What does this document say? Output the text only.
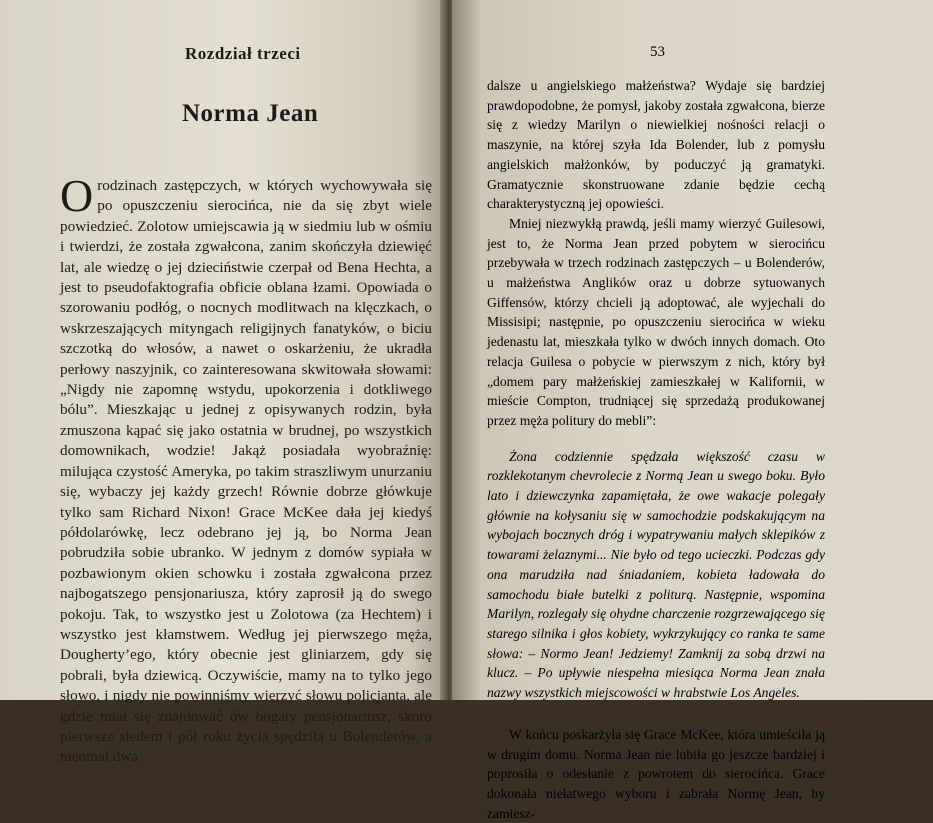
Rozdział trzeci
Norma Jean
Orodzinach zastępczych, w których wychowywała się po opuszczeniu sierocińca, nie da się zbyt wiele powiedzieć. Zolotow umiejscawia ją w siedmiu lub w ośmiu i twierdzi, że została zgwałcona, zanim skończyła dziewięć lat, ale wiedzę o jej dzieciństwie czerpał od Bena Hechta, a jest to pseudofaktografia obficie oblana łzami. Opowiada o szorowaniu podłóg, o nocnych modlitwach na klęczkach, o wskrzeszających mityngach religijnych fanatyków, o biciu szczotką do włosów, a nawet o oskarżeniu, że ukradła perłowy naszyjnik, co zainteresowana skwitowała słowami: „Nigdy nie zapomnę wstydu, upokorzenia i dotkliwego bólu”. Mieszkając u jednej z opisywanych rodzin, była zmuszona kąpać się jako ostatnia w brudnej, po wszystkich domownikach, wodzie! Jakąż posiadała wyobraźnię: milująca czystość Ameryka, po takim straszliwym unurzaniu się, wybaczy jej każdy grzech! Równie dobrze główkuje tylko sam Richard Nixon! Grace McKee dała jej kiedyś półdolarówkę, lecz odebrano jej ją, bo Norma Jean pobrudziła sobie ubranko. W jednym z domów sypiała w pozbawionym okien schowku i została zgwałcona przez najbogatszego pensjonariusza, który zaprosił ją do swego pokoju. Tak, to wszystko jest u Zolotowa (za Hechtem) i wszystko jest kłamstwem. Według jej pierwszego męża, Dougherty’ego, który obecnie jest gliniarzem, gdy się pobrali, była dziewicą. Oczywiście, mamy na to tylko jego słowo, i nigdy nie powinniśmy wierzyć słowu policjanta, ale gdzie miał się znajdować ów bogaty pensjonariusz, skoro pierwsze siedem i pół roku życia spędziła u Bolenderów, a nieomal dwa
53

dalsze u angielskiego małżeństwa? Wydaje się bardziej prawdopodobne, że pomysł, jakoby została zgwałcona, bierze się z wiedzy Marilyn o niewielkiej nośności relacji o maszynie, na której szyła Ida Bolender, lub z pomysłu angielskich małżonków, by poduczyć ją gramatyki. Gramatycznie skonstruowane zdanie będzie cechą charakterystyczną jej opowieści.

Mniej niezwykłą prawdą, jeśli mamy wierzyć Guilesowi, jest to, że Norma Jean przed pobytem w sierocińcu przebywała w trzech rodzinach zastępczych – u Bolenderów, u małżeństwa Anglików oraz u dobrze sytuowanych Giffensów, którzy chcieli ją adoptować, ale wyjechali do Missisipi; następnie, po opuszczeniu sierocińca w wieku jedenastu lat, mieszkała tylko w dwóch innych domach. Oto relacja Guilesa o pobycie w pierwszym z nich, który był „domem pary małżeńskiej zamieszkałej w Kalifornii, w mieście Compton, trudniącej się sprzedażą produkowanej przez męża politury do mebli”:

Żona codziennie spędzała większość czasu w rozklekotanym chevrolecie z Normą Jean u swego boku. Było lato i dziewczynka zapamiętała, że owe wakacje polegały głównie na kołysaniu się w samochodzie podskakującym na wybojach bocznych dróg i wypatrywaniu małych sklepików z towarami żelaznymi... Nie było od tego ucieczki. Podczas gdy ona marudziła nad śniadaniem, kobieta ładowała do samochodu białe butelki z politurą. Następnie, wspomina Marilyn, rozlegały się ohydne charczenie rozgrzewającego się starego silnika i głos kobiety, wykrzykujący co ranka te same słowa: – Normo Jean! Jedziemy! Zamknij za sobą drzwi na klucz. – Po upływie niespełna miesiąca Norma Jean znała nazwy wszystkich miejscowości w hrabstwie Los Angeles.

W końcu poskarżyła się Grace McKee, która umieściła ją w drugim domu. Norma Jean nie lubiła go jeszcze bardziej i poprosiła o odesłanie z powrotem do sierocińca. Grace dokonała niełatwego wyboru i zabrała Normę Jean, by zamiesz-
